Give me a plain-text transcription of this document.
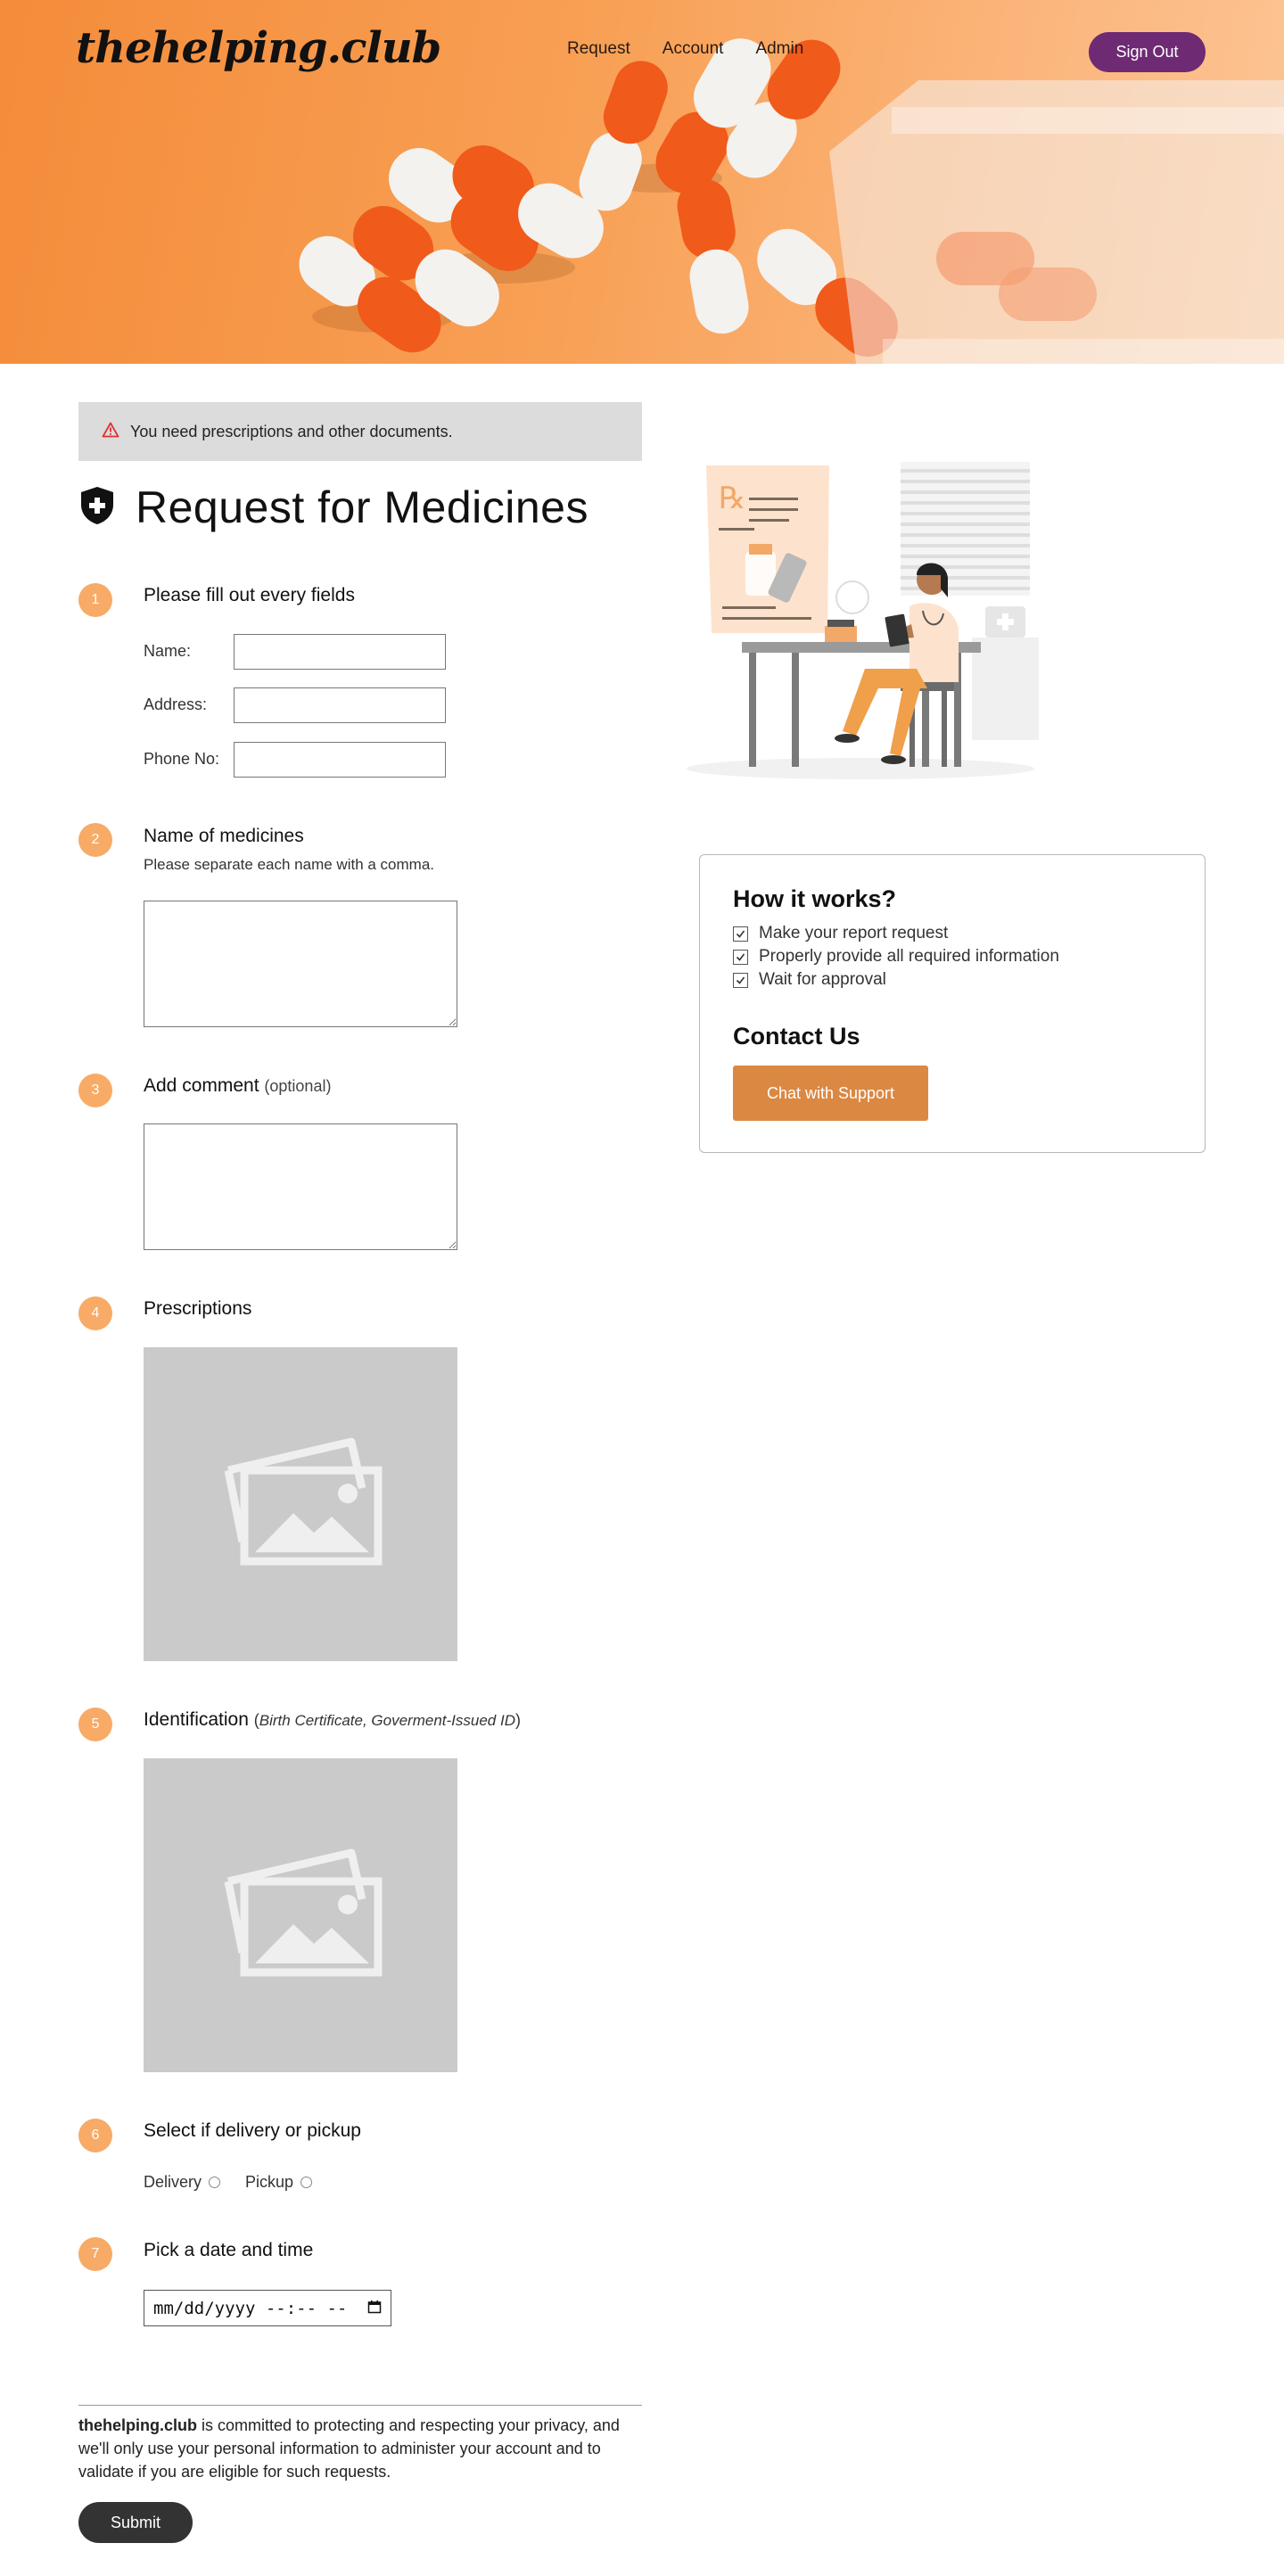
thehelping.club	Request Account Admin	Sign Out
You need prescriptions and other documents.
Request for Medicines
1	Please fill out every fields
Name:
Address:
Phone No:
2	Name of medicines
Please separate each name with a comma.
3	Add comment (optional)
4	Prescriptions
5	Identification (Birth Certificate, Goverment-Issued ID)
6	Select if delivery or pickup
Delivery	Pickup
7	Pick a date and time
mm/dd/yyyy --:-- --

thehelping.club is committed to protecting and respecting your privacy, and we'll only use your personal information to administer your account and to validate if you are eligible for such requests.

Submit
℞
How it works?
Make your report request
Properly provide all required information
Wait for approval
Contact Us
Chat with Support
